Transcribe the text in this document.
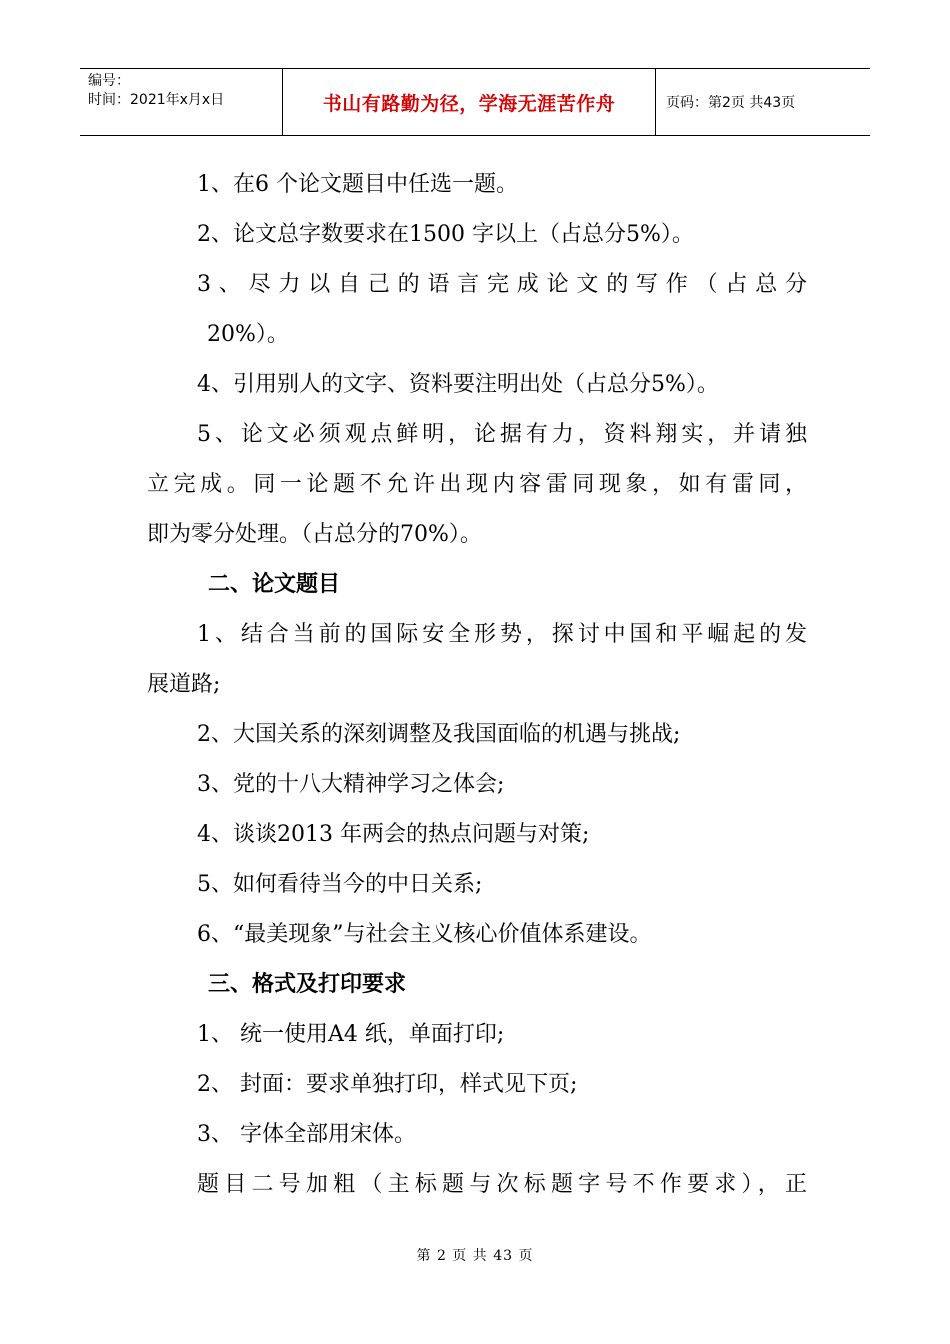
编号：
时间：2021年x月x日	书山有路勤为径，学海无涯苦作舟	页码：第2页 共43页
1、在6 个论文题目中任选一题。
2、论文总字数要求在1500 字以上（占总分5%）。
3、尽力以自己的语言完成论文的写作（占总分
20%）。
4、引用别人的文字、资料要注明出处（占总分5%）。
5、论文必须观点鲜明，论据有力，资料翔实，并请独
立完成。同一论题不允许出现内容雷同现象，如有雷同，
即为零分处理。（占总分的70%）。
二、论文题目
1、结合当前的国际安全形势，探讨中国和平崛起的发
展道路;
2、大国关系的深刻调整及我国面临的机遇与挑战;
3、党的十八大精神学习之体会;
4、谈谈2013 年两会的热点问题与对策;
5、如何看待当今的中日关系;
6、“最美现象”与社会主义核心价值体系建设。
三、格式及打印要求
1、 统一使用A4 纸，单面打印;
2、 封面：要求单独打印，样式见下页;
3、 字体全部用宋体。
题目二号加粗（主标题与次标题字号不作要求），正
第 2 页 共 43 页
